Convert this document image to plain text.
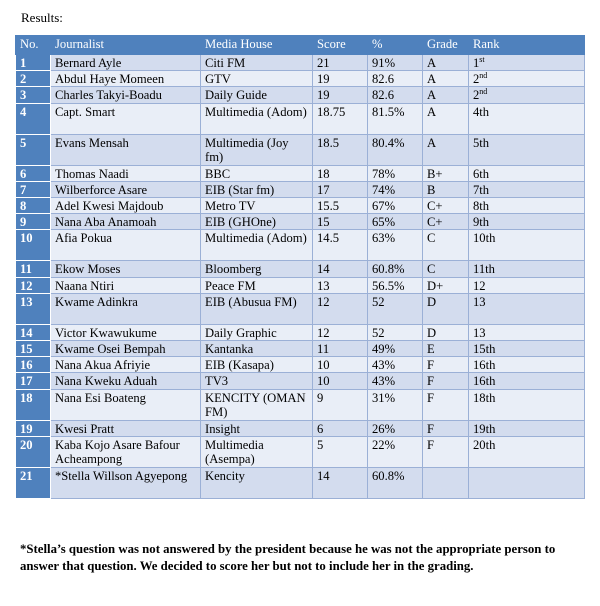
Results:
No.	Journalist	Media House	Score	%	Grade	Rank
1	Bernard Ayle	Citi FM	21	91%	A	1st
2	Abdul Haye Momeen	GTV	19	82.6	A	2nd
3	Charles Takyi-Boadu	Daily Guide	19	82.6	A	2nd
4	Capt. Smart	Multimedia (Adom)	18.75	81.5%	A	4th
5	Evans Mensah	Multimedia (Joy fm)	18.5	80.4%	A	5th
6	Thomas Naadi	BBC	18	78%	B+	6th
7	Wilberforce Asare	EIB (Star fm)	17	74%	B	7th
8	Adel Kwesi Majdoub	Metro TV	15.5	67%	C+	8th
9	Nana Aba Anamoah	EIB (GHOne)	15	65%	C+	9th
10	Afia Pokua	Multimedia (Adom)	14.5	63%	C	10th
11	Ekow Moses	Bloomberg	14	60.8%	C	11th
12	Naana Ntiri	Peace FM	13	56.5%	D+	12
13	Kwame Adinkra	EIB (Abusua FM)	12	52	D	13
14	Victor Kwawukume	Daily Graphic	12	52	D	13
15	Kwame Osei Bempah	Kantanka	11	49%	E	15th
16	Nana Akua Afriyie	EIB (Kasapa)	10	43%	F	16th
17	Nana Kweku Aduah	TV3	10	43%	F	16th
18	Nana Esi Boateng	KENCITY (OMAN FM)	9	31%	F	18th
19	Kwesi Pratt	Insight	6	26%	F	19th
20	Kaba Kojo Asare Bafour Acheampong	Multimedia (Asempa)	5	22%	F	20th
21	*Stella Willson Agyepong	Kencity	14	60.8%		
*Stella’s question was not answered by the president because he was not the appropriate person to answer that question. We decided to score her but not to include her in the grading.
